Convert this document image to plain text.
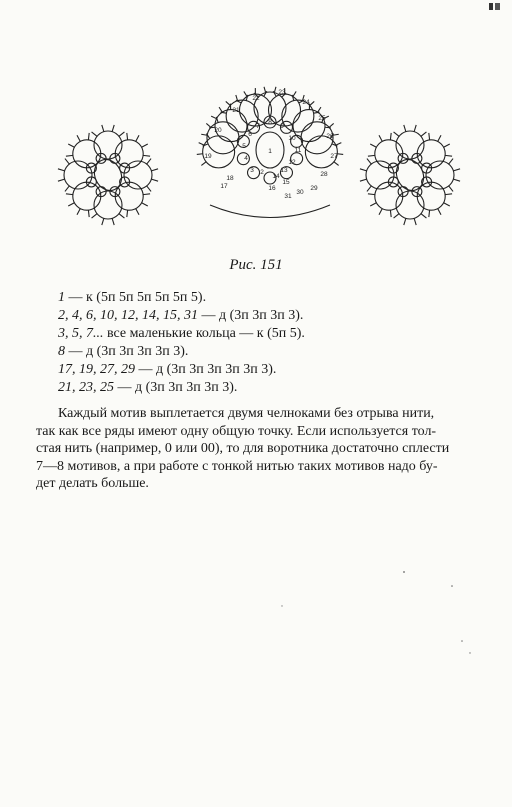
1
2
3
4
5
6
7
8
9
10
11
12
13
14
15
16
17
18
19
20
21
22
23
24
25
26
27
28
29
30
31
Рис. 151
1 — к (5п 5п 5п 5п 5п 5).
2, 4, 6, 10, 12, 14, 15, 31 — д (3п 3п 3п 3).
3, 5, 7... все маленькие кольца — к (5п 5).
8 — д (3п 3п 3п 3п 3).
17, 19, 27, 29 — д (3п 3п 3п 3п 3п 3).
21, 23, 25 — д (3п 3п 3п 3п 3).
Каждый мотив выплетается двумя челноками без отрыва нити,
так как все ряды имеют одну общую точку. Если используется тол-
стая нить (например, 0 или 00), то для воротника достаточно сплести
7—8 мотивов, а при работе с тонкой нитью таких мотивов надо бу-
дет делать больше.
